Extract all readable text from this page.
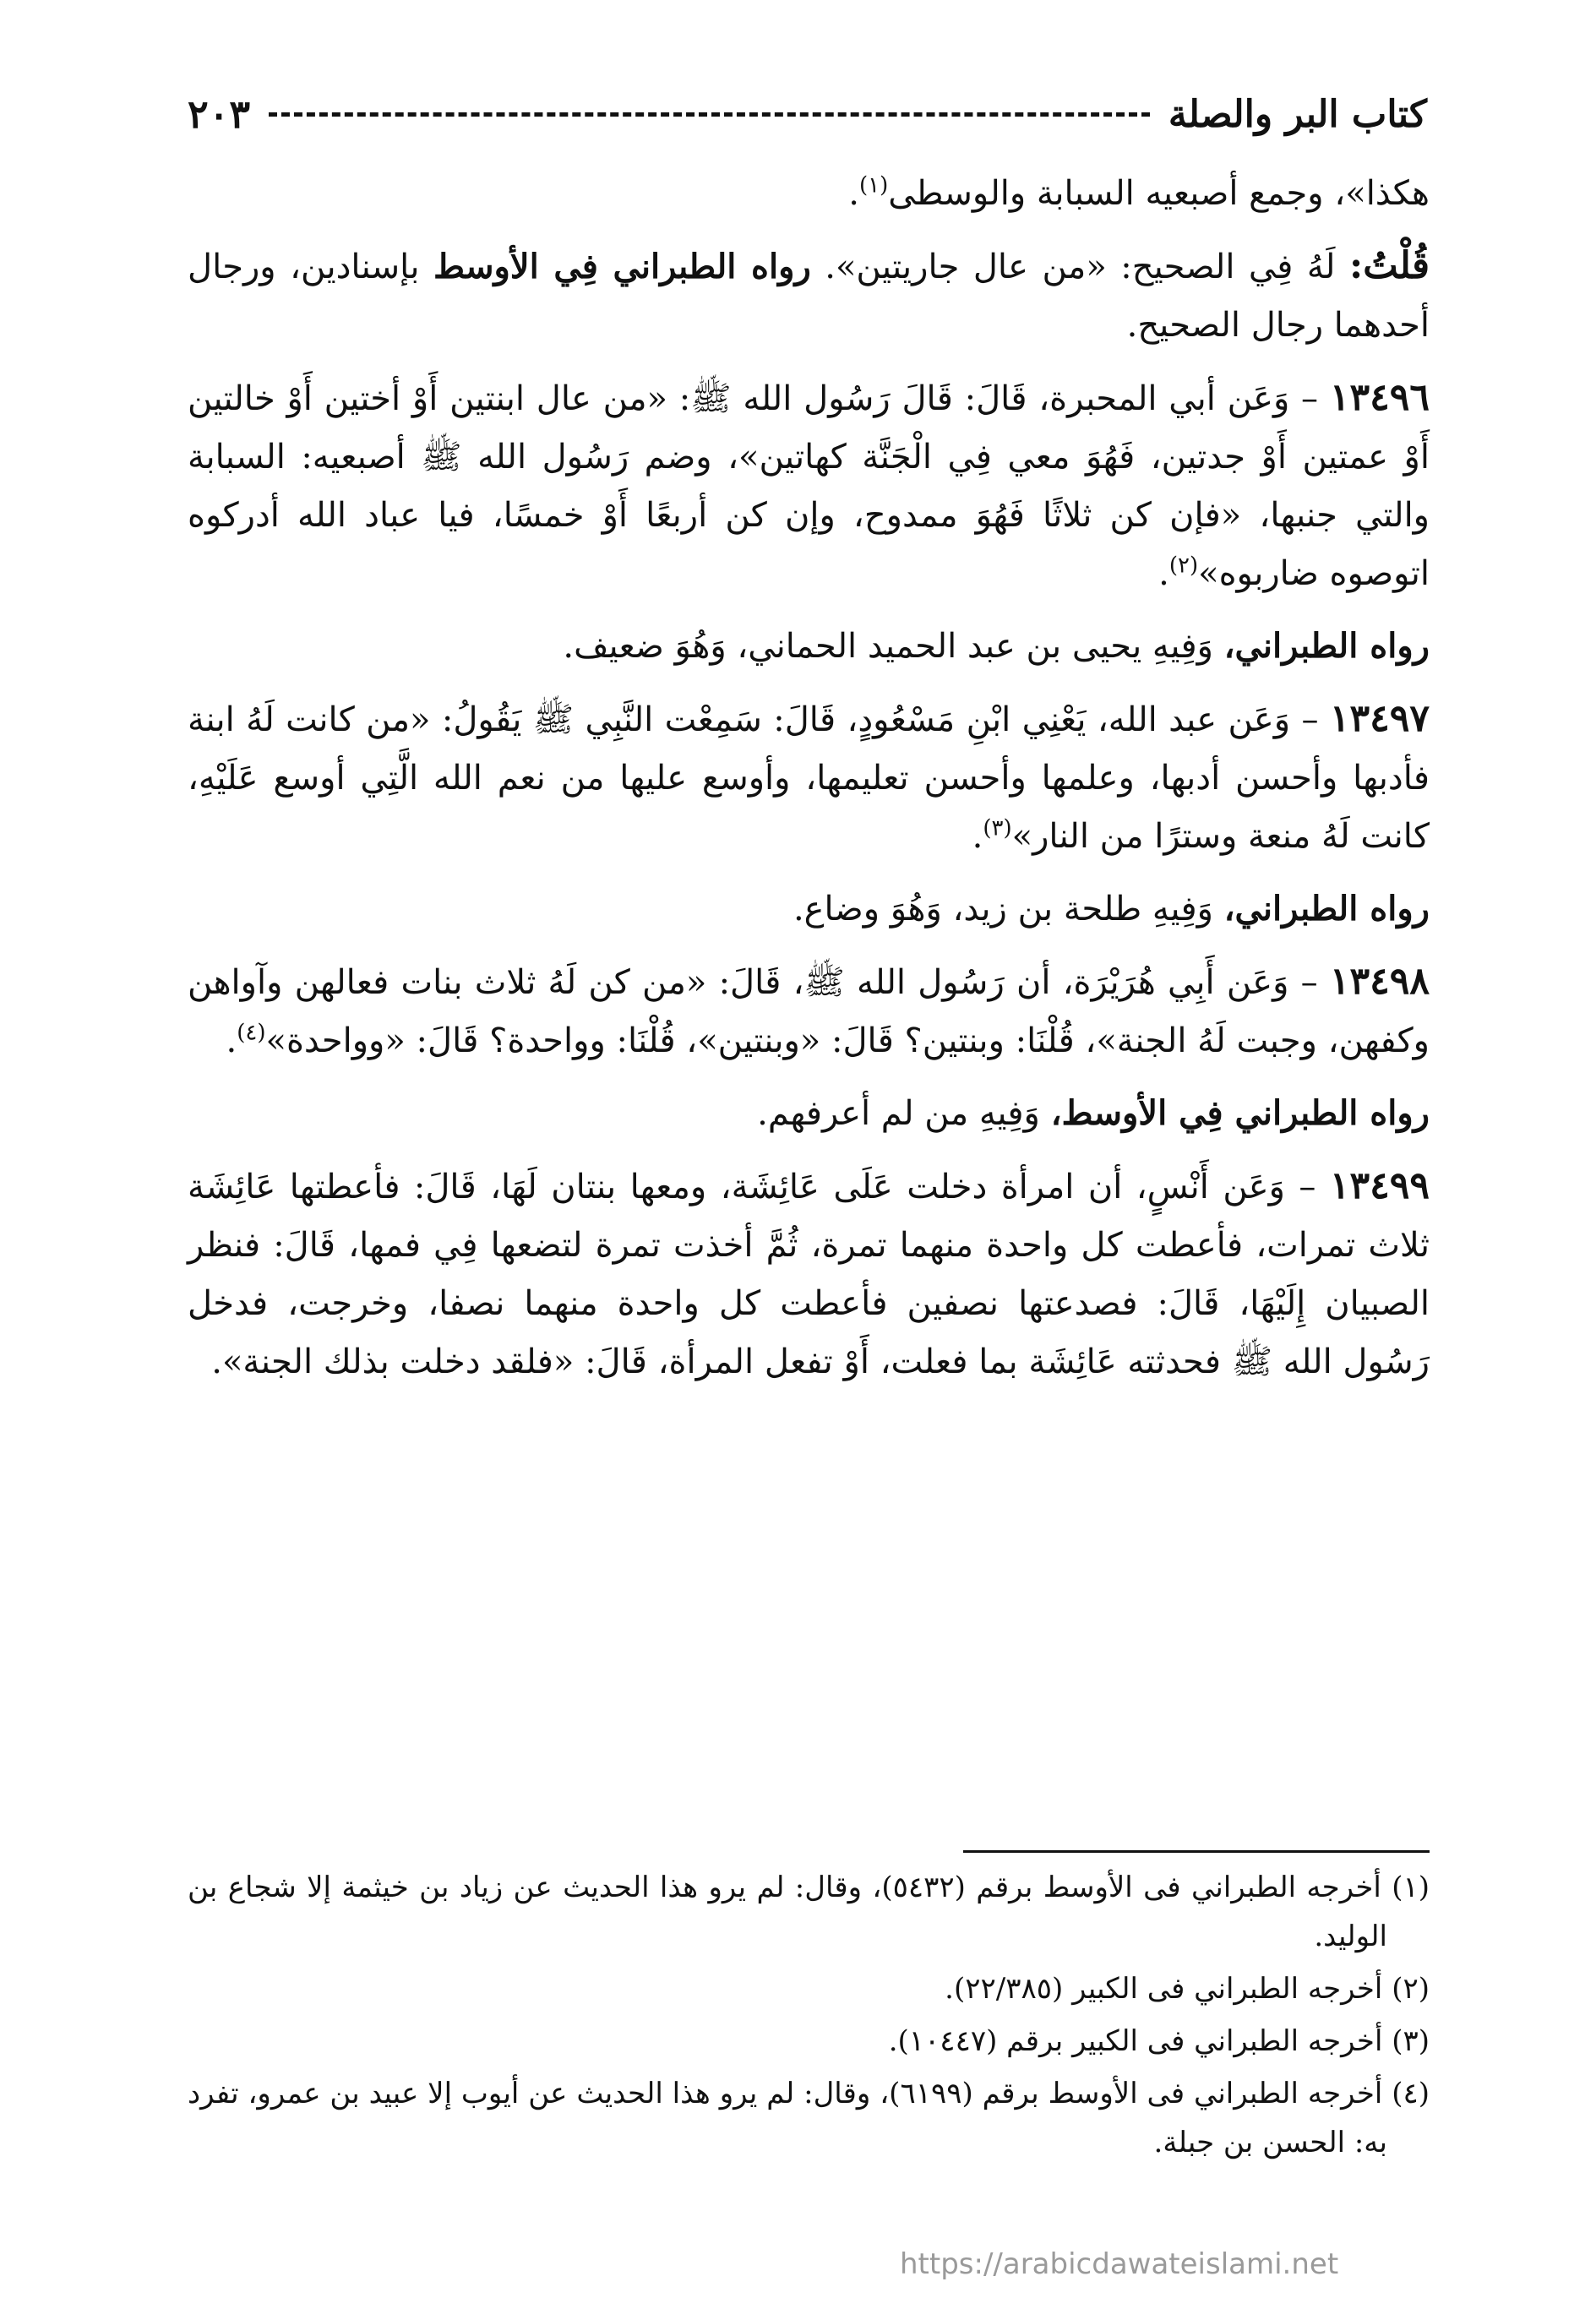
كتاب البر والصلة
٢٠٣

هكذا»، وجمع أصبعيه السبابة والوسطى$^{(١)}$.

قُلْتُ: لَهُ فِي الصحيح: «من عال جاريتين». رواه الطبراني فِي الأوسط بإسنادين، ورجال أحدهما رجال الصحيح.

١٣٤٩٦ – وَعَن أبي المحبرة، قَالَ: قَالَ رَسُول الله ﷺ: «من عال ابنتين أَوْ أختين أَوْ خالتين أَوْ عمتين أَوْ جدتين، فَهُوَ معي فِي الْجَنَّة كهاتين»، وضم رَسُول الله ﷺ أصبعيه: السبابة والتي جنبها، «فإن كن ثلاثًا فَهُوَ ممدوح، وإن كن أربعًا أَوْ خمسًا، فيا عباد الله أدركوه اتوصوه ضاربوه»$^{(٢)}$.

رواه الطبراني، وَفِيهِ يحيى بن عبد الحميد الحماني، وَهُوَ ضعيف.

١٣٤٩٧ – وَعَن عبد الله، يَعْنِي ابْنِ مَسْعُودٍ، قَالَ: سَمِعْت النَّبِي ﷺ يَقُولُ: «من كانت لَهُ ابنة فأدبها وأحسن أدبها، وعلمها وأحسن تعليمها، وأوسع عليها من نعم الله الَّتِي أوسع عَلَيْهِ، كانت لَهُ منعة وسترًا من النار»$^{(٣)}$.

رواه الطبراني، وَفِيهِ طلحة بن زيد، وَهُوَ وضاع.

١٣٤٩٨ – وَعَن أَبِي هُرَيْرَة، أن رَسُول الله ﷺ، قَالَ: «من كن لَهُ ثلاث بنات فعالهن وآواهن وكفهن، وجبت لَهُ الجنة»، قُلْنَا: وبنتين؟ قَالَ: «وبنتين»، قُلْنَا: وواحدة؟ قَالَ: «وواحدة»$^{(٤)}$.

رواه الطبراني فِي الأوسط، وَفِيهِ من لم أعرفهم.

١٣٤٩٩ – وَعَن أَنْسٍ، أن امرأة دخلت عَلَى عَائِشَة، ومعها بنتان لَهَا، قَالَ: فأعطتها عَائِشَة ثلاث تمرات، فأعطت كل واحدة منهما تمرة، ثُمَّ أخذت تمرة لتضعها فِي فمها، قَالَ: فنظر الصبيان إِلَيْهَا، قَالَ: فصدعتها نصفين فأعطت كل واحدة منهما نصفا، وخرجت، فدخل رَسُول الله ﷺ فحدثته عَائِشَة بما فعلت، أَوْ تفعل المرأة، قَالَ: «فلقد دخلت بذلك الجنة».

(١) أخرجه الطبراني فى الأوسط برقم (٥٤٣٢)، وقال: لم يرو هذا الحديث عن زياد بن خيثمة إلا شجاع بن الوليد.

(٢) أخرجه الطبراني فى الكبير (٢٢/٣٨٥).

(٣) أخرجه الطبراني فى الكبير برقم (١٠٤٤٧).

(٤) أخرجه الطبراني فى الأوسط برقم (٦١٩٩)، وقال: لم يرو هذا الحديث عن أيوب إلا عبيد بن عمرو، تفرد به: الحسن بن جبلة.

https://arabicdawateislami.net
